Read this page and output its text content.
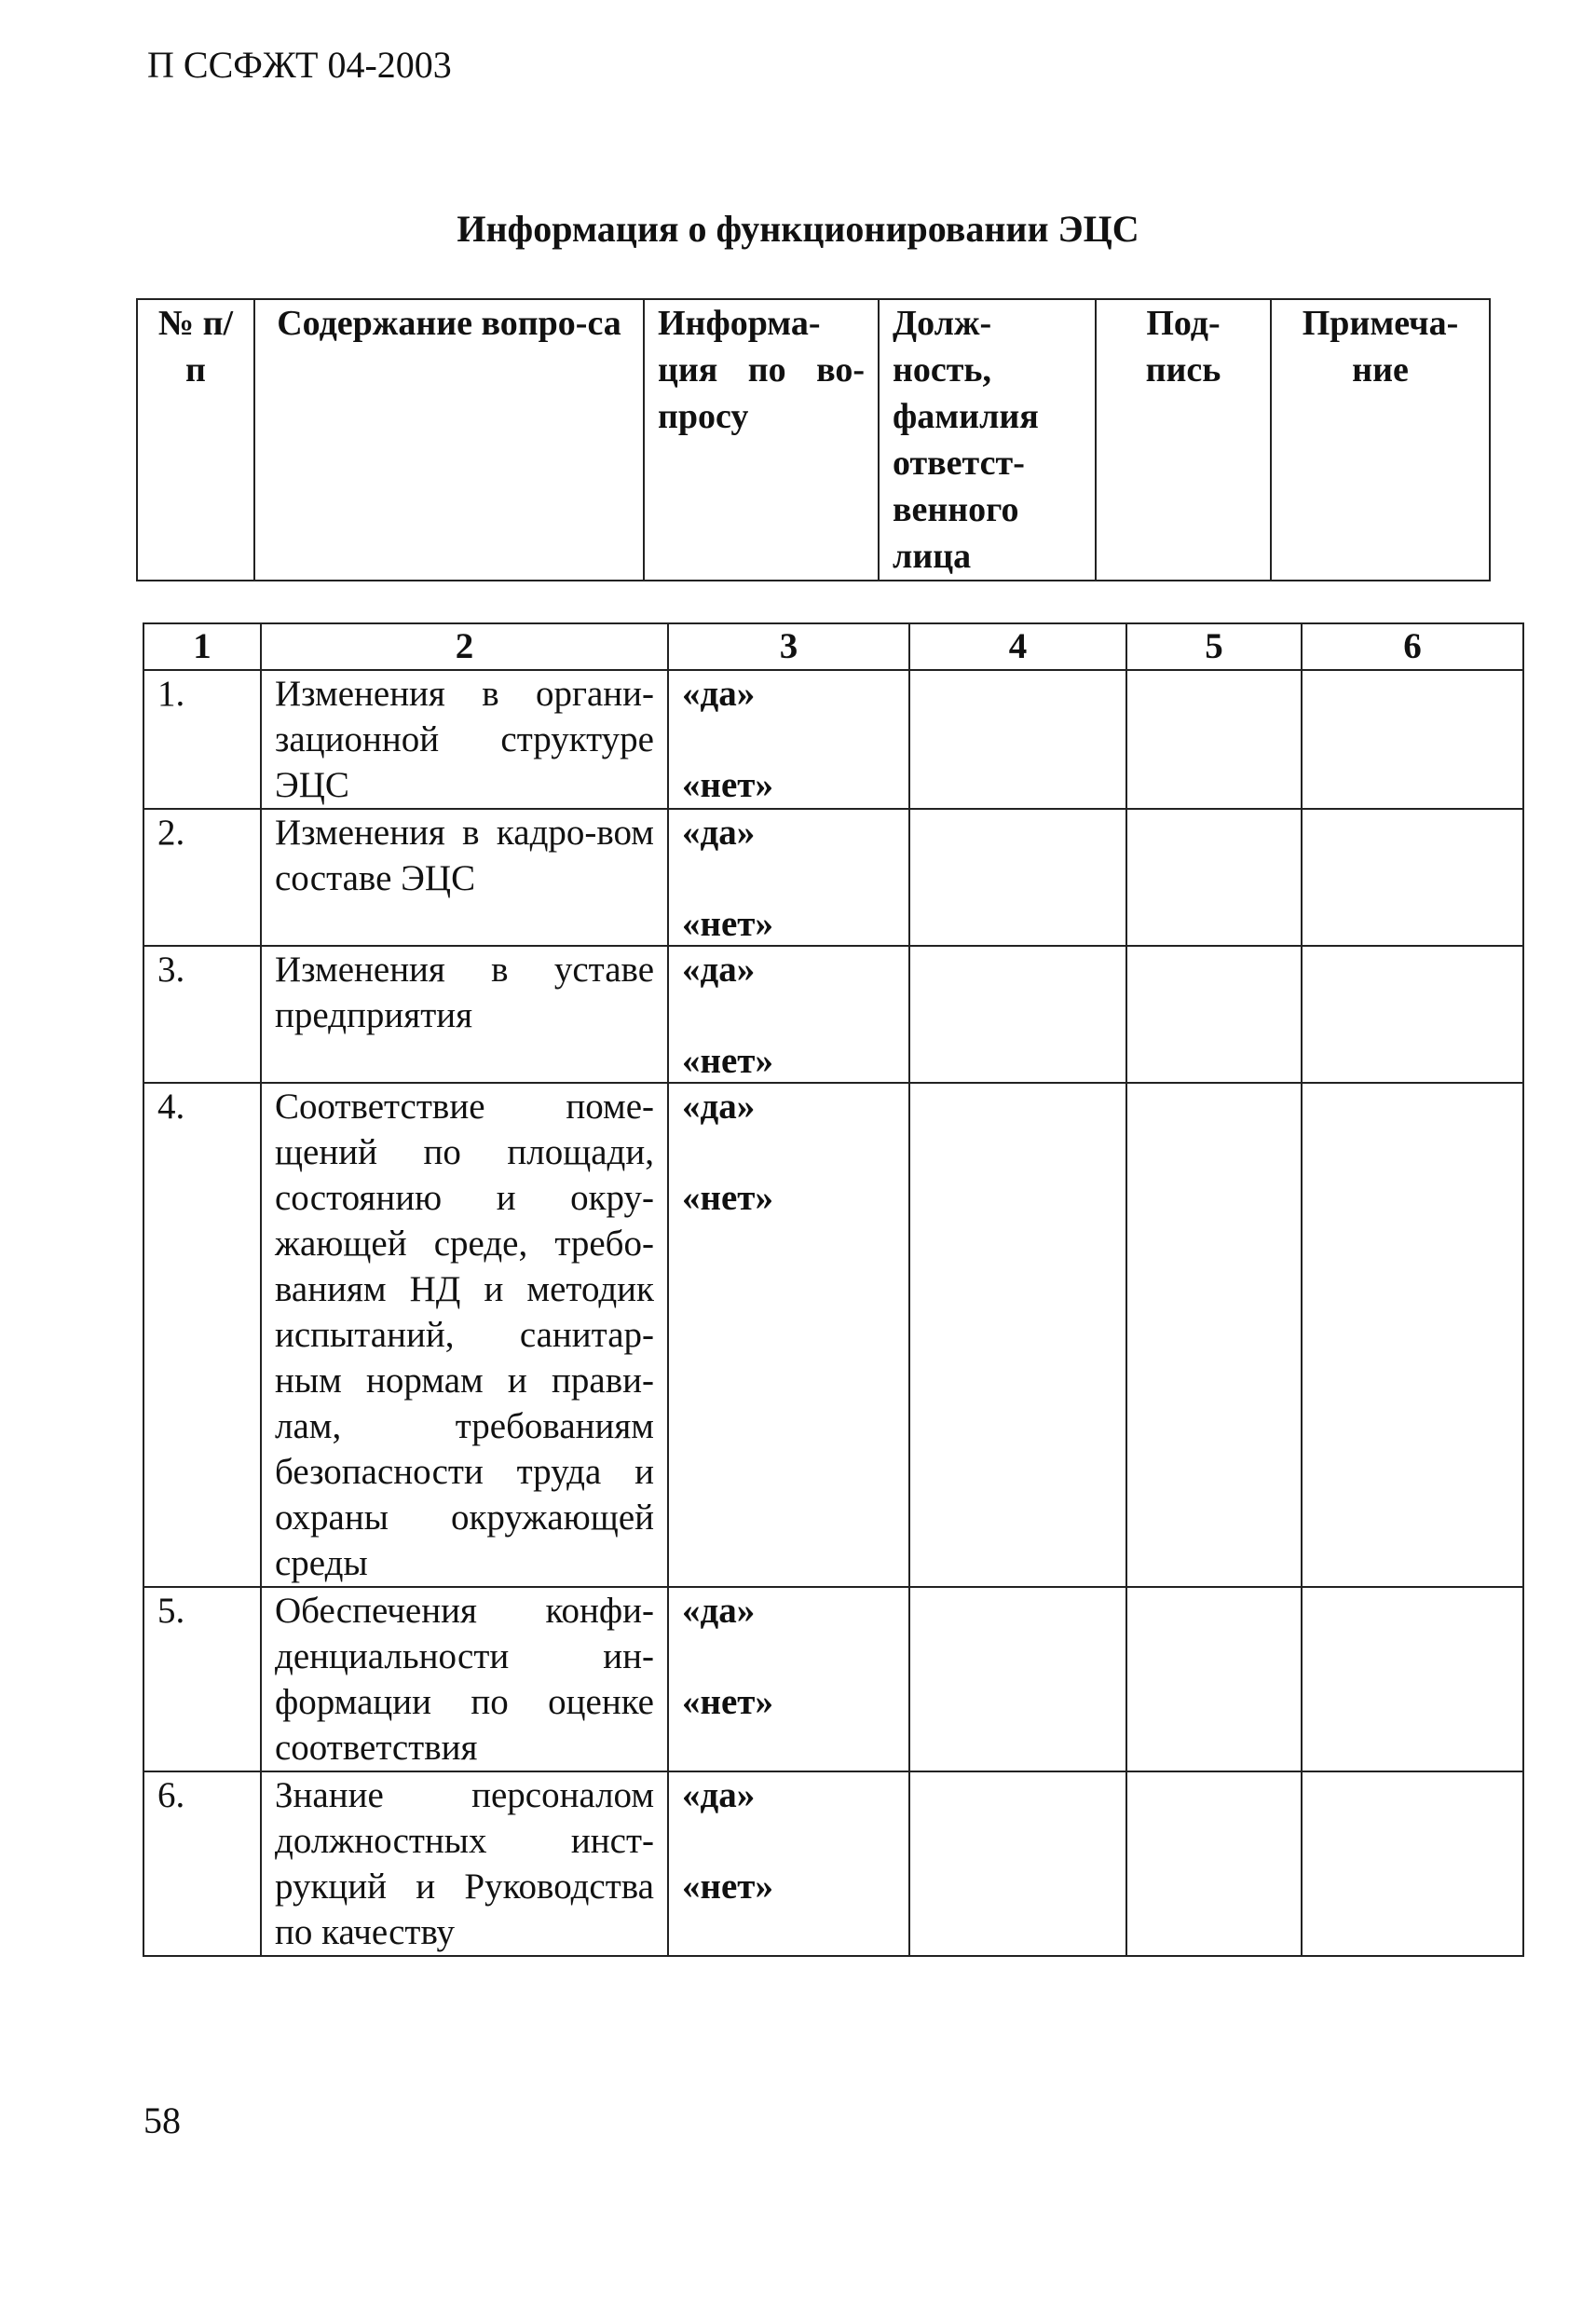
П ССФЖТ 04-2003
Информация о функционировании ЭЦС
№ п/п	Содержание вопро-са	Информа-ция по во-просу	Долж-ность, фамилия ответст-венного лица	Под-пись	Примеча-ние
1	2	3	4	5	6
1.	Изменения в органи-зационной структуре ЭЦС	«да»
«нет»			

2.	Изменения в кадро-вом составе ЭЦС	«да»
«нет»			

3.	Изменения в уставе предприятия	«да»
«нет»			

4.	Соответствие поме-щений по площади, состоянию и окру-жающей среде, требо-ваниям НД и методик испытаний, санитар-ным нормам и прави-лам, требованиям безопасности труда и охраны окружающей среды	«да»
«нет»			

5.	Обеспечения конфи-денциальности ин-формации по оценке соответствия	«да»
«нет»			

6.	Знание персоналом должностных инст-рукций и Руководства по качеству	«да»
«нет»			

58
